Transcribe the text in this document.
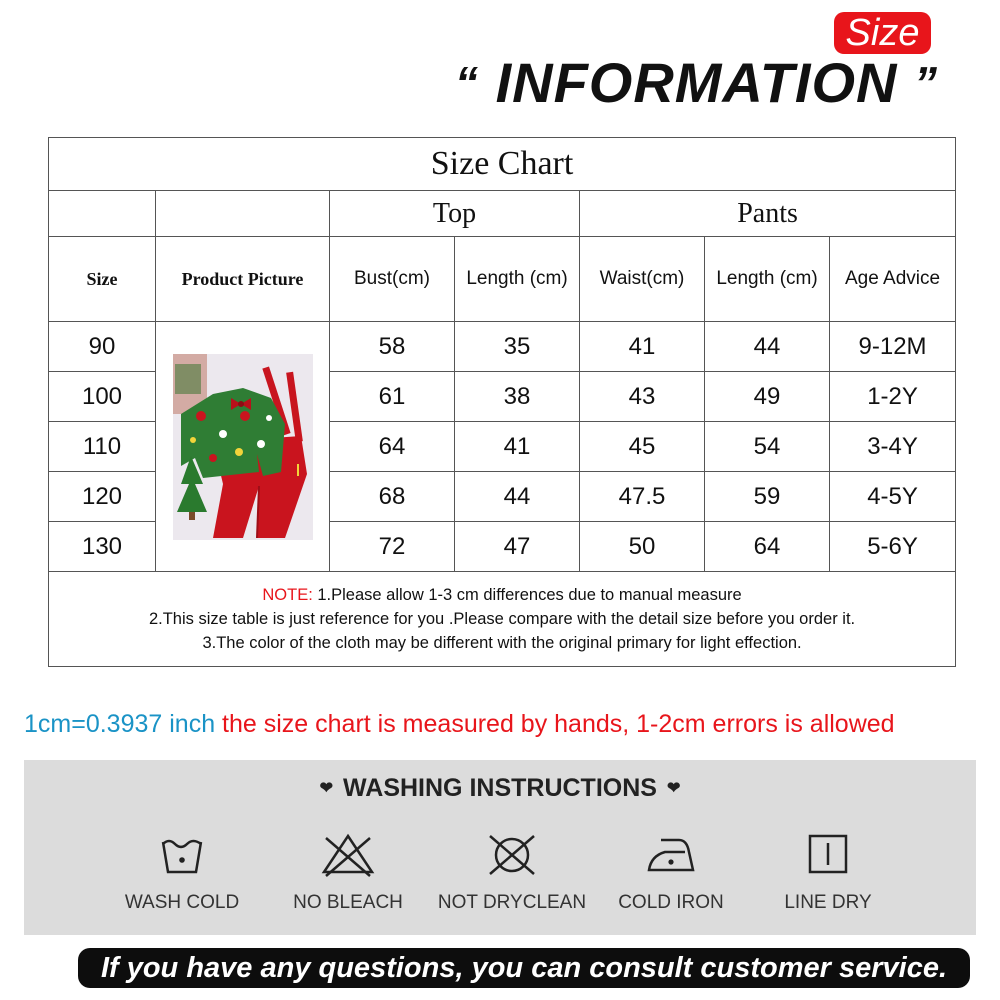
Size
“ INFORMATION ”
Size Chart						
		Top		Pants		
Size	Product Picture	Bust(cm)	Length (cm)	Waist(cm)	Length (cm)	Age Advice
90		58	35	41	44	9-12M
100		61	38	43	49	1-2Y
110		64	41	45	54	3-4Y
120		68	44	47.5	59	4-5Y
130		72	47	50	64	5-6Y

NOTE: 1.Please allow 1-3 cm differences due to manual measure
2.This size table is just reference for you .Please compare with the detail size before you order it.
3.The color of the cloth may be different with the original primary for light effection.						
1cm=0.3937 inch the size chart is measured by hands, 1-2cm errors is allowed
❤ WASHING INSTRUCTIONS ❤
WASH COLD	NO BLEACH	NOT DRYCLEAN	COLD IRON	LINE DRY
If you have any questions, you can consult customer service.
